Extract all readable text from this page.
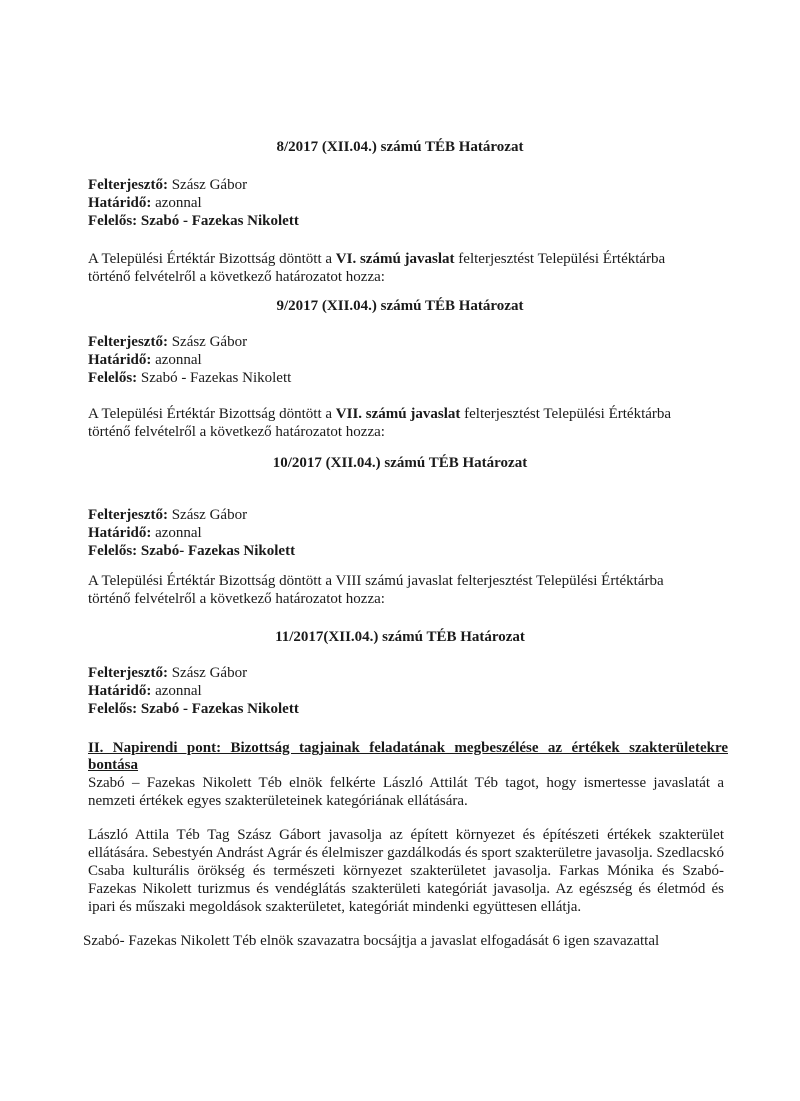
8/2017 (XII.04.) számú TÉB Határozat
Felterjesztő: Szász Gábor
Határidő: azonnal
Felelős: Szabó - Fazekas Nikolett
A Települési Értéktár Bizottság döntött a VI. számú javaslat felterjesztést Települési Értéktárba
történő felvételről a következő határozatot hozza:
9/2017 (XII.04.) számú TÉB Határozat
Felterjesztő: Szász Gábor
Határidő: azonnal
Felelős: Szabó - Fazekas Nikolett
A Települési Értéktár Bizottság döntött a VII. számú javaslat felterjesztést Települési Értéktárba
történő felvételről a következő határozatot hozza:
10/2017 (XII.04.) számú TÉB Határozat
Felterjesztő: Szász Gábor
Határidő: azonnal
Felelős: Szabó- Fazekas Nikolett
A Települési Értéktár Bizottság döntött a VIII számú javaslat felterjesztést Települési Értéktárba
történő felvételről a következő határozatot hozza:
11/2017(XII.04.) számú TÉB Határozat
Felterjesztő: Szász Gábor
Határidő: azonnal
Felelős: Szabó - Fazekas Nikolett
II. Napirendi pont: Bizottság tagjainak feladatának megbeszélése az értékek szakterületekre bontása
Szabó – Fazekas Nikolett Téb elnök felkérte László Attilát Téb tagot, hogy ismertesse javaslatát a nemzeti értékek egyes szakterületeinek kategóriának ellátására.
László Attila Téb Tag Szász Gábort javasolja az épített környezet és építészeti értékek szakterület ellátására. Sebestyén Andrást Agrár és élelmiszer gazdálkodás és sport szakterületre javasolja. Szedlacskó Csaba kulturális örökség és természeti környezet szakterületet javasolja. Farkas Mónika és Szabó- Fazekas Nikolett turizmus és vendéglátás szakterületi kategóriát javasolja. Az egészség és életmód és ipari és műszaki megoldások szakterületet, kategóriát mindenki együttesen ellátja.
Szabó- Fazekas Nikolett Téb elnök szavazatra bocsájtja a javaslat elfogadását 6 igen szavazattal
